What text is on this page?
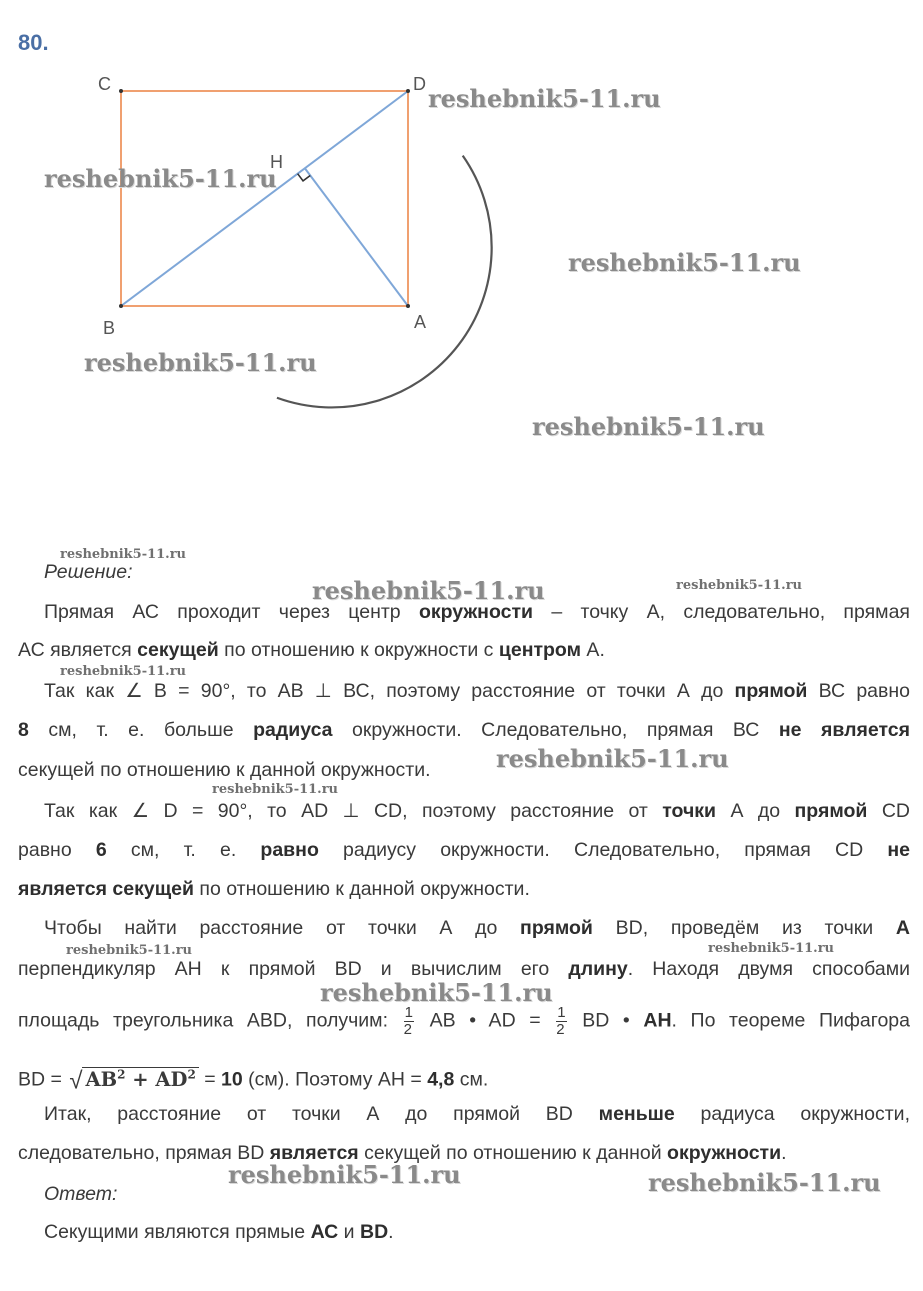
80.
C	D
H
B	A
reshebnik5-11.ru
reshebnik5-11.ru
reshebnik5-11.ru
reshebnik5-11.ru
reshebnik5-11.ru
reshebnik5-11.ru
reshebnik5-11.ru	reshebnik5-11.ru
reshebnik5-11.ru
reshebnik5-11.ru
reshebnik5-11.ru
reshebnik5-11.ru	reshebnik5-11.ru
reshebnik5-11.ru
reshebnik5-11.ru	reshebnik5-11.ru
Решение:
Прямая АС проходит через центр окружности – точку А, следовательно, прямая
АС является секущей по отношению к окружности с центром А.
Так как ∠ В = 90°, то АВ ⊥ ВС, поэтому расстояние от точки А до прямой ВС равно
8 см, т. е. больше радиуса окружности. Следовательно, прямая ВС не является
секущей по отношению к данной окружности.
Так как ∠ D = 90°, то AD ⊥ CD, поэтому расстояние от точки А до прямой CD
равно 6 см, т. е. равно радиусу окружности. Следовательно, прямая CD не
является секущей по отношению к данной окружности.
Чтобы найти расстояние от точки А до прямой BD, проведём из точки А
перпендикуляр АН к прямой BD и вычислим его длину. Находя двумя способами
площадь треугольника ABD, получим: $\frac{1}{2}$ AB • AD = $\frac{1}{2}$ BD • AH. По теореме Пифагора
BD = √ $AB^2 + AD^2 = 10$ (см). Поэтому АН = 4,8 см.
Итак, расстояние от точки А до прямой BD меньше радиуса окружности,
следовательно, прямая BD является секущей по отношению к данной окружности.
Ответ:
Секущими являются прямые АС и BD.
